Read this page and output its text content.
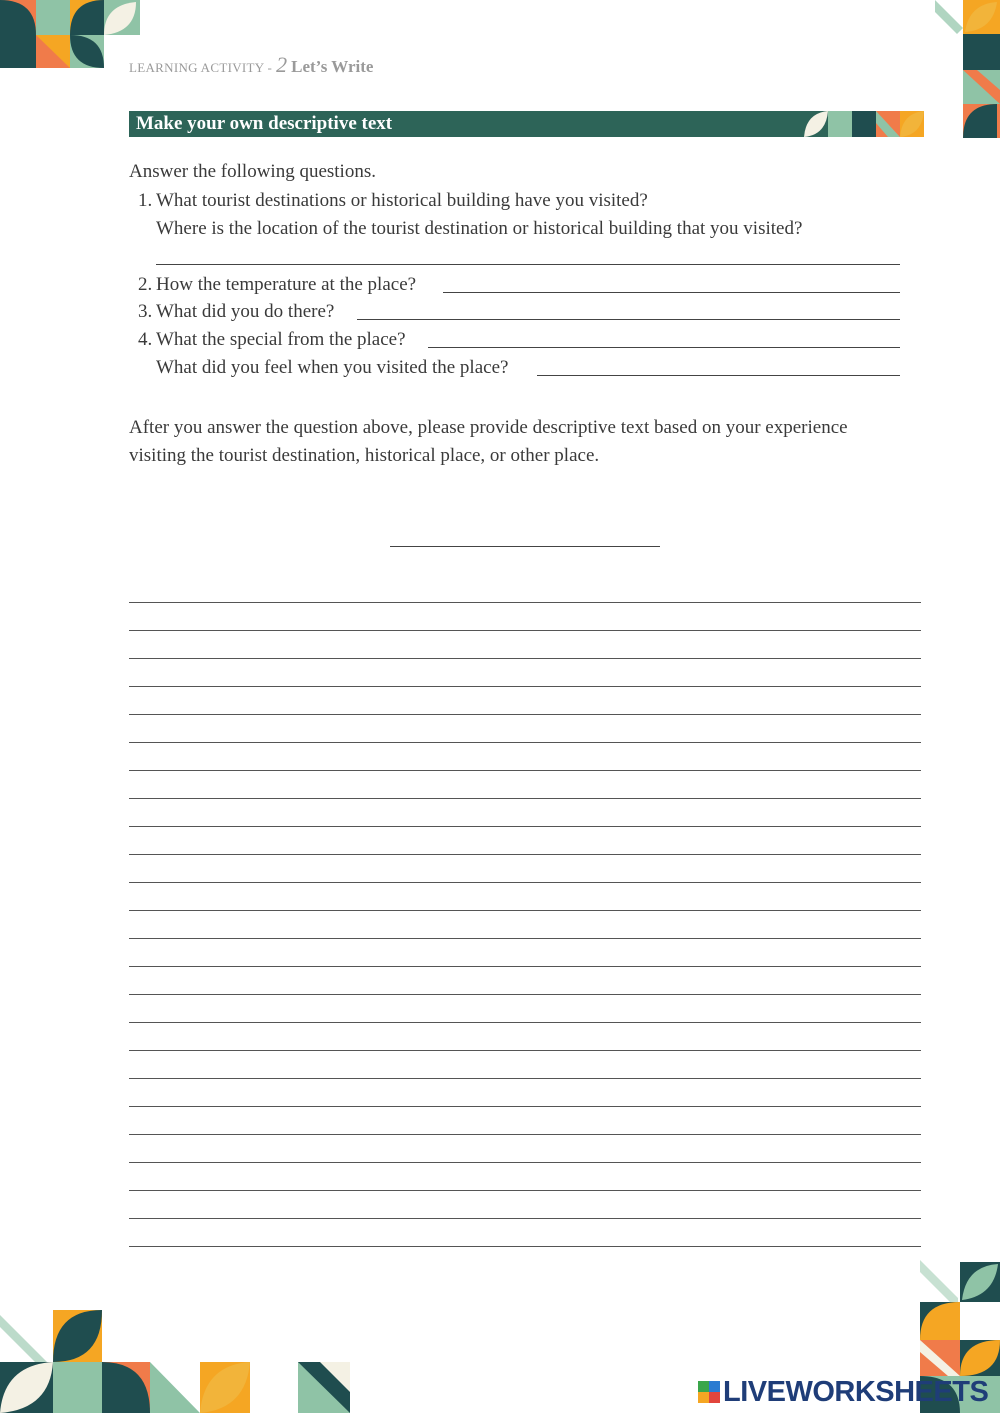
LEARNING ACTIVITY - 2 Let’s Write
Make your own descriptive text
Answer the following questions.
1. What tourist destinations or historical building have you visited?
Where is the location of the tourist destination or historical building that you visited?
2. How the temperature at the place?
3. What did you do there?
4. What the special from the place?
What did you feel when you visited the place?
After you answer the question above, please provide descriptive text based on your experience
visiting the tourist destination, historical place, or other place.
LIVEWORKSHEETS
